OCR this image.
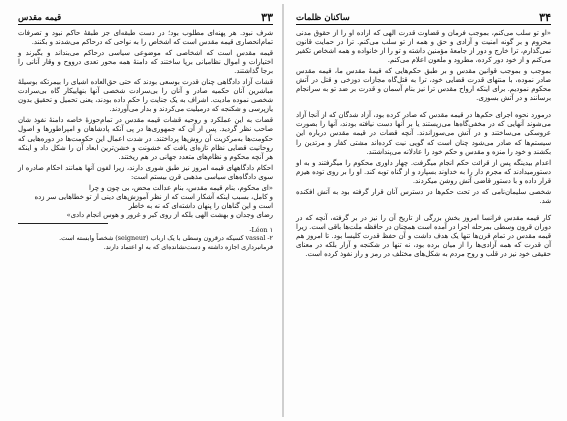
۳۳
قیمه مقدس

شرف نبود. هر پهنه‌ای مطلوب بود؛ در دست طبقه‌ای جز طبقهٔ حاکم نبود و تصرفات تمام‌انحصاری قیمه مقدس است که اشخاص را به نواحی که درحاکم می‌شدند و بکنند.

قیمه مقدس است که اشخاصی که موضوعی سیاسی درحاکم می‌بنداند و بگیرند و اختیارات و اموال نظامیانی برپا ساختند که دامنهٔ همه محور تعدی درووح و وقار آنانی را برجا گذاشتند.

قشات آزاد دادگاهی چنان قدرت بوسعی بودند که حتی حق‌العاده اشیای را بیمرتکه بوسیلهٔ مباشرین آنان حکمیه صادر و آنان را بی‌سرادت شخصی آنها بنهاییکار گاه بی‌سرادت شخصی نموده مادیت. اشراف به یک جنایت را حکم داده بودند، یعنی تحمیل و تحقیق بدون یازپرسی و شکنجه که درمیلیت می‌کردند و بدار می‌آوردند.

قضات به این عملکرد و روحیه قشات قیمه مقدس در تمام‌حوزهٔ خاصه دامنهٔ نفوذ شان صاحب نظر گردید. پس از آن که جمهوری‌ها در پی آنکه پادشاهان و امپراطورها و اصول حکومت‌ها به‌مرکزیت آن روش‌ها پرداختند. در شدت اعمال این حکومت‌ها در دوره‌هایی که روحانیت قضایی نظام تازه‌ای یافت که خشونت و خشن‌ترین ابعاد آن را شکل داد و اینکه هر آنچه محکوم و نظام‌های متعدد جهانی در هم ریختند.

احکام دادگاههای قیمه امروز نیز طبق شوری دارند، زیرا لفون آنها همانند احکام صادره از سوی دادگاه‌های سیاسی مذهبی قرن بیستم است:

«ای محکوم، بنام قیمه مقدس، بنام عدالت محض، بی چون و چرا
و کامل، بسبب اینکه آشکار است که از نظر آموزش‌های دینی از تو خطاهایی سر زده است و این گناهان را پنهان داشته‌ای که نه به خاطر
رضای وجدان و بهشت الهی بلکه از روی کبر و غرور و هوس انجام دادی»
Léon ۱-
vassal -۲ کسیکه درقرون وسطی با یک ارباب (seigneur) شخصاً وابسته است.
فرمانبرداری اجازه داشته و دست‌نشانده‌ای که به او اعتماد دارند.
۳۴
ساکنان ظلمات

«او تو سلب می‌کنم، بموجب فرمان و قضاوت قدرت الهی که اراده او را از حقوق مدنی محروم و بر گونه امنیت و آزادی و حق و همه از تو سلب می‌کنم. ترا در حمایت قانون نمی‌گذارم، ترا خارج و دور از جامعهٔ مؤمنین داشته و تو را از خانواده و همه اشخاص تکفیر می‌کنم و از خود دور کرده، مطرود و ملعون اعلام می‌کنم.

بموجب و بموجب قوانین مقدس و بر طبق حکم‌هایی که قیمهٔ مقدس ما، قیمه مقدس صادر نموده، با منتهای قدرت قضایی خود، ترا به قتل‌گاه مجازات دوزخی و قتل در آتش محکوم نمودیم. برای اینکه ارواح مقدس ترا نیز بنام آسمان و قدرت بر ضد تو به سرانجام برسانند و در آتش بسوزی.

درمورد نحوه اجرای حکم‌ها در قیمه مقدس که صادر کرده بود، آزاد شدگان که از آنجا آزاد می‌شوند آنهایی که در مخفی‌گاه‌ها می‌زیستند یا بر آنها دست نیافته بودند، آنها را بصورت عروسکی می‌ساختند و در آتش می‌سوزاندند. آنچه قضات در قیمه مقدس درباره این سیستم‌ها که صادر می‌شود چنان است که گویی نیت کرده‌اند مشتی کفار و مرتدین را بکشند و خود را منزه و مقدس و حکم خود را عادلانه می‌پنداشتند.

اعدام بیدینگه پس از قرائت حکم انجام میگرفت. چهار داوری محکوم را میگرفتند و به او دستورمیدادند که مجرم دار را به خداوند بسپارد و از گناه توبه کند. او را بر روی توده هیزم قرار داده و با دستور قاضی آتش روشن میکردند.

شخصی سلیمان‌نامی که در تحت حکم‌ها در دسترس آنان قرار گرفته بود به آتش افکنده شد.

کار قیمه مقدس فرانسا امروز بخش بزرگی از تاریخ آن را نیز در بر گرفته، آنچه که در دوران قرون وسطی بمرحله اجرا در آمده است همچنان در حافظه ملت‌ها باقی است. زیرا قیمه مقدس در تمام قرن‌ها تنها یک هدف داشت و آن حفظ قدرت کلیسا بود. تا امروز هم آن قدرت که همه آزادی‌ها را از میان برده بود، نه تنها در شکنجه و آزار بلکه در معنای حقیقی خود نیز در قلب و روح مردم به شکل‌های مختلف در رمز و راز نفوذ کرده است.
